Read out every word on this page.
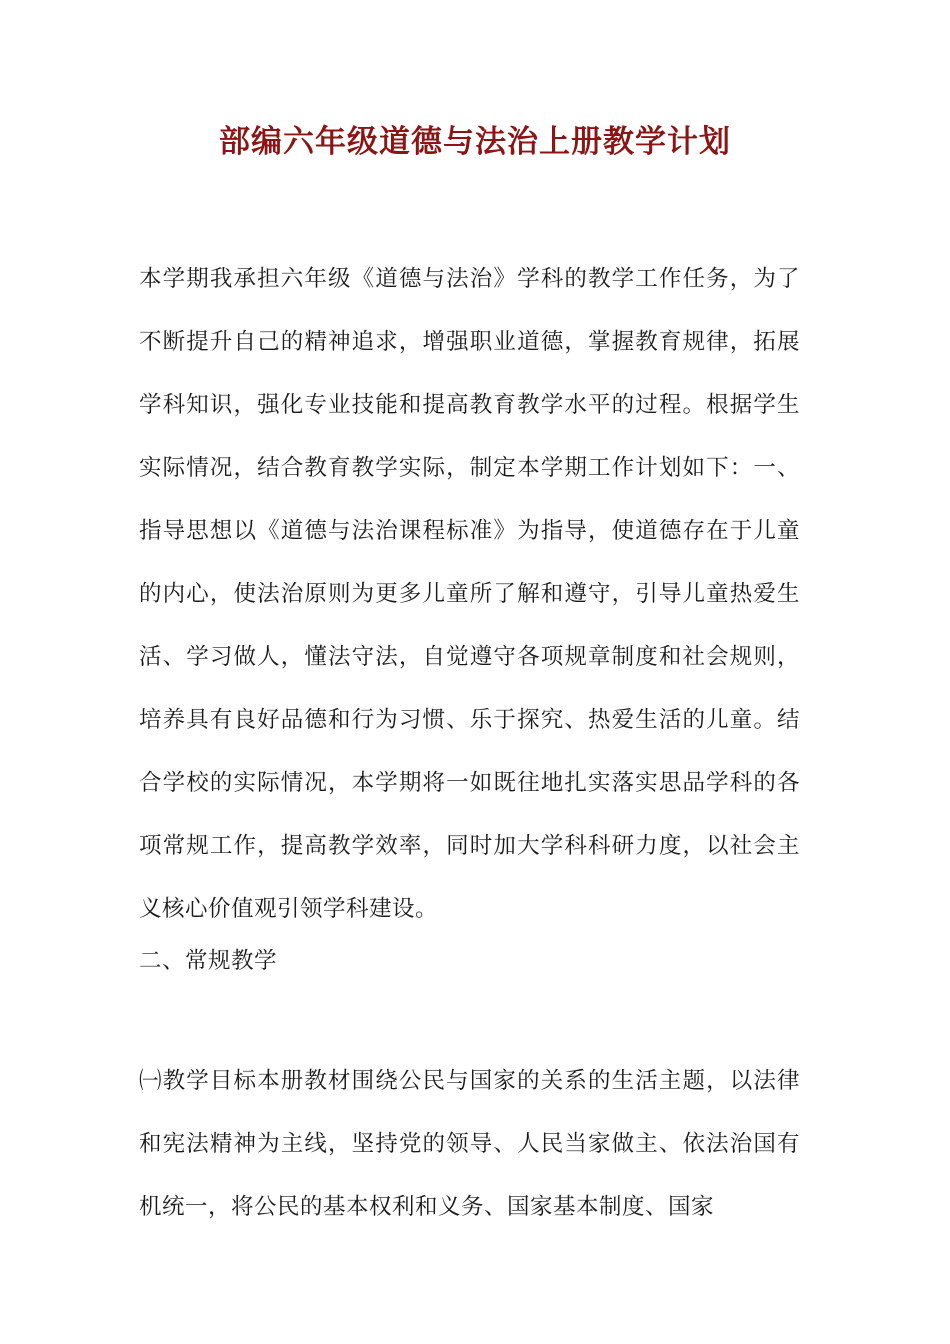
部编六年级道德与法治上册教学计划

本学期我承担六年级《道德与法治》学科的教学工作任务，为了不断提升自己的精神追求，增强职业道德，掌握教育规律，拓展学科知识，强化专业技能和提高教育教学水平的过程。根据学生实际情况，结合教育教学实际，制定本学期工作计划如下：一、指导思想以《道德与法治课程标准》为指导，使道德存在于儿童的内心，使法治原则为更多儿童所了解和遵守，引导儿童热爱生活、学习做人，懂法守法，自觉遵守各项规章制度和社会规则，培养具有良好品德和行为习惯、乐于探究、热爱生活的儿童。结合学校的实际情况，本学期将一如既往地扎实落实思品学科的各项常规工作，提高教学效率，同时加大学科科研力度，以社会主义核心价值观引领学科建设。

二、常规教学

㈠教学目标本册教材围绕公民与国家的关系的生活主题，以法律和宪法精神为主线，坚持党的领导、人民当家做主、依法治国有机统一，将公民的基本权利和义务、国家基本制度、国家
